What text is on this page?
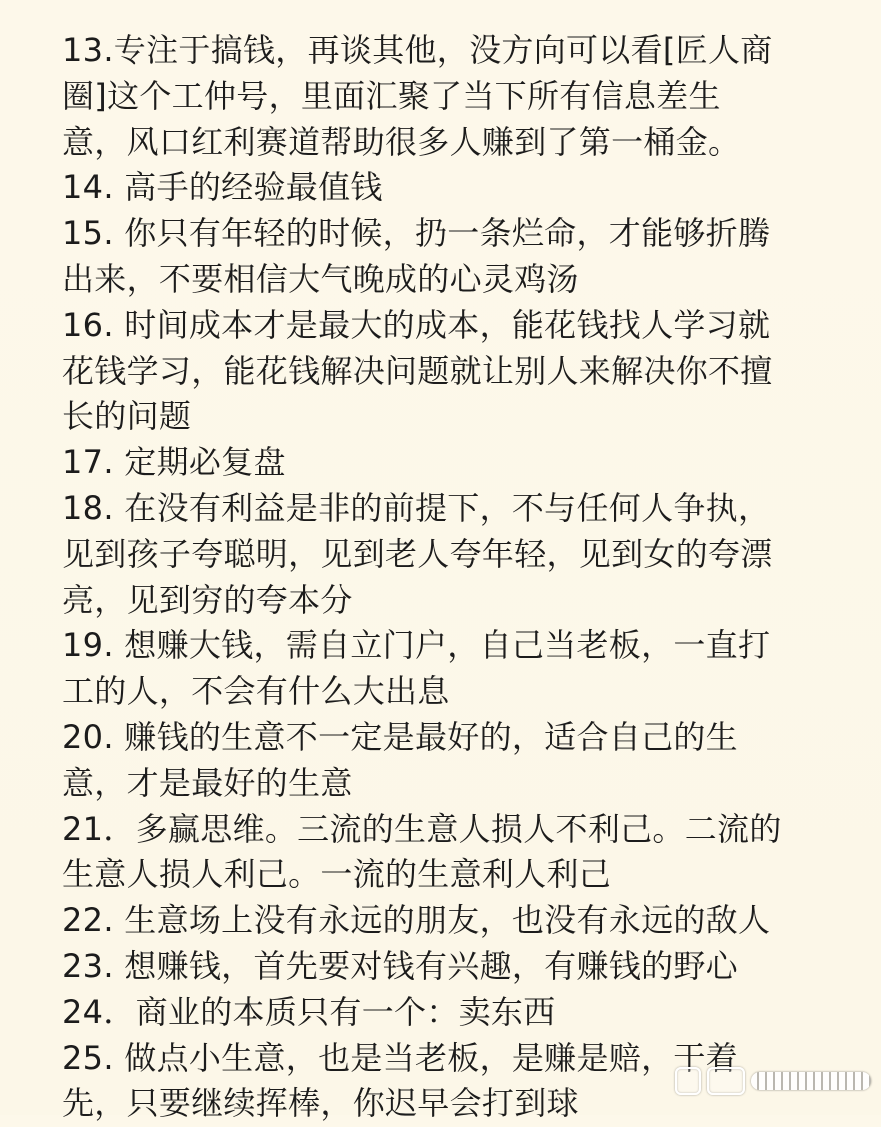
13.专注于搞钱，再谈其他，没方向可以看[匠人商
圈]这个工仲号，里面汇聚了当下所有信息差生
意，风口红利赛道帮助很多人赚到了第一桶金。
14. 高手的经验最值钱
15. 你只有年轻的时候，扔一条烂命，才能够折腾
出来，不要相信大气晚成的心灵鸡汤
16. 时间成本才是最大的成本，能花钱找人学习就
花钱学习，能花钱解决问题就让别人来解决你不擅
长的问题
17. 定期必复盘
18. 在没有利益是非的前提下，不与任何人争执，
见到孩子夸聪明，见到老人夸年轻，见到女的夸漂
亮，见到穷的夸本分
19. 想赚大钱，需自立门户，自己当老板，一直打
工的人，不会有什么大出息
20. 赚钱的生意不一定是最好的，适合自己的生
意，才是最好的生意
21．多赢思维。三流的生意人损人不利己。二流的
生意人损人利己。一流的生意利人利己
22. 生意场上没有永远的朋友，也没有永远的敌人
23. 想赚钱，首先要对钱有兴趣，有赚钱的野心
24．商业的本质只有一个：卖东西
25. 做点小生意，也是当老板，是赚是赔，干着
先，只要继续挥棒，你迟早会打到球
